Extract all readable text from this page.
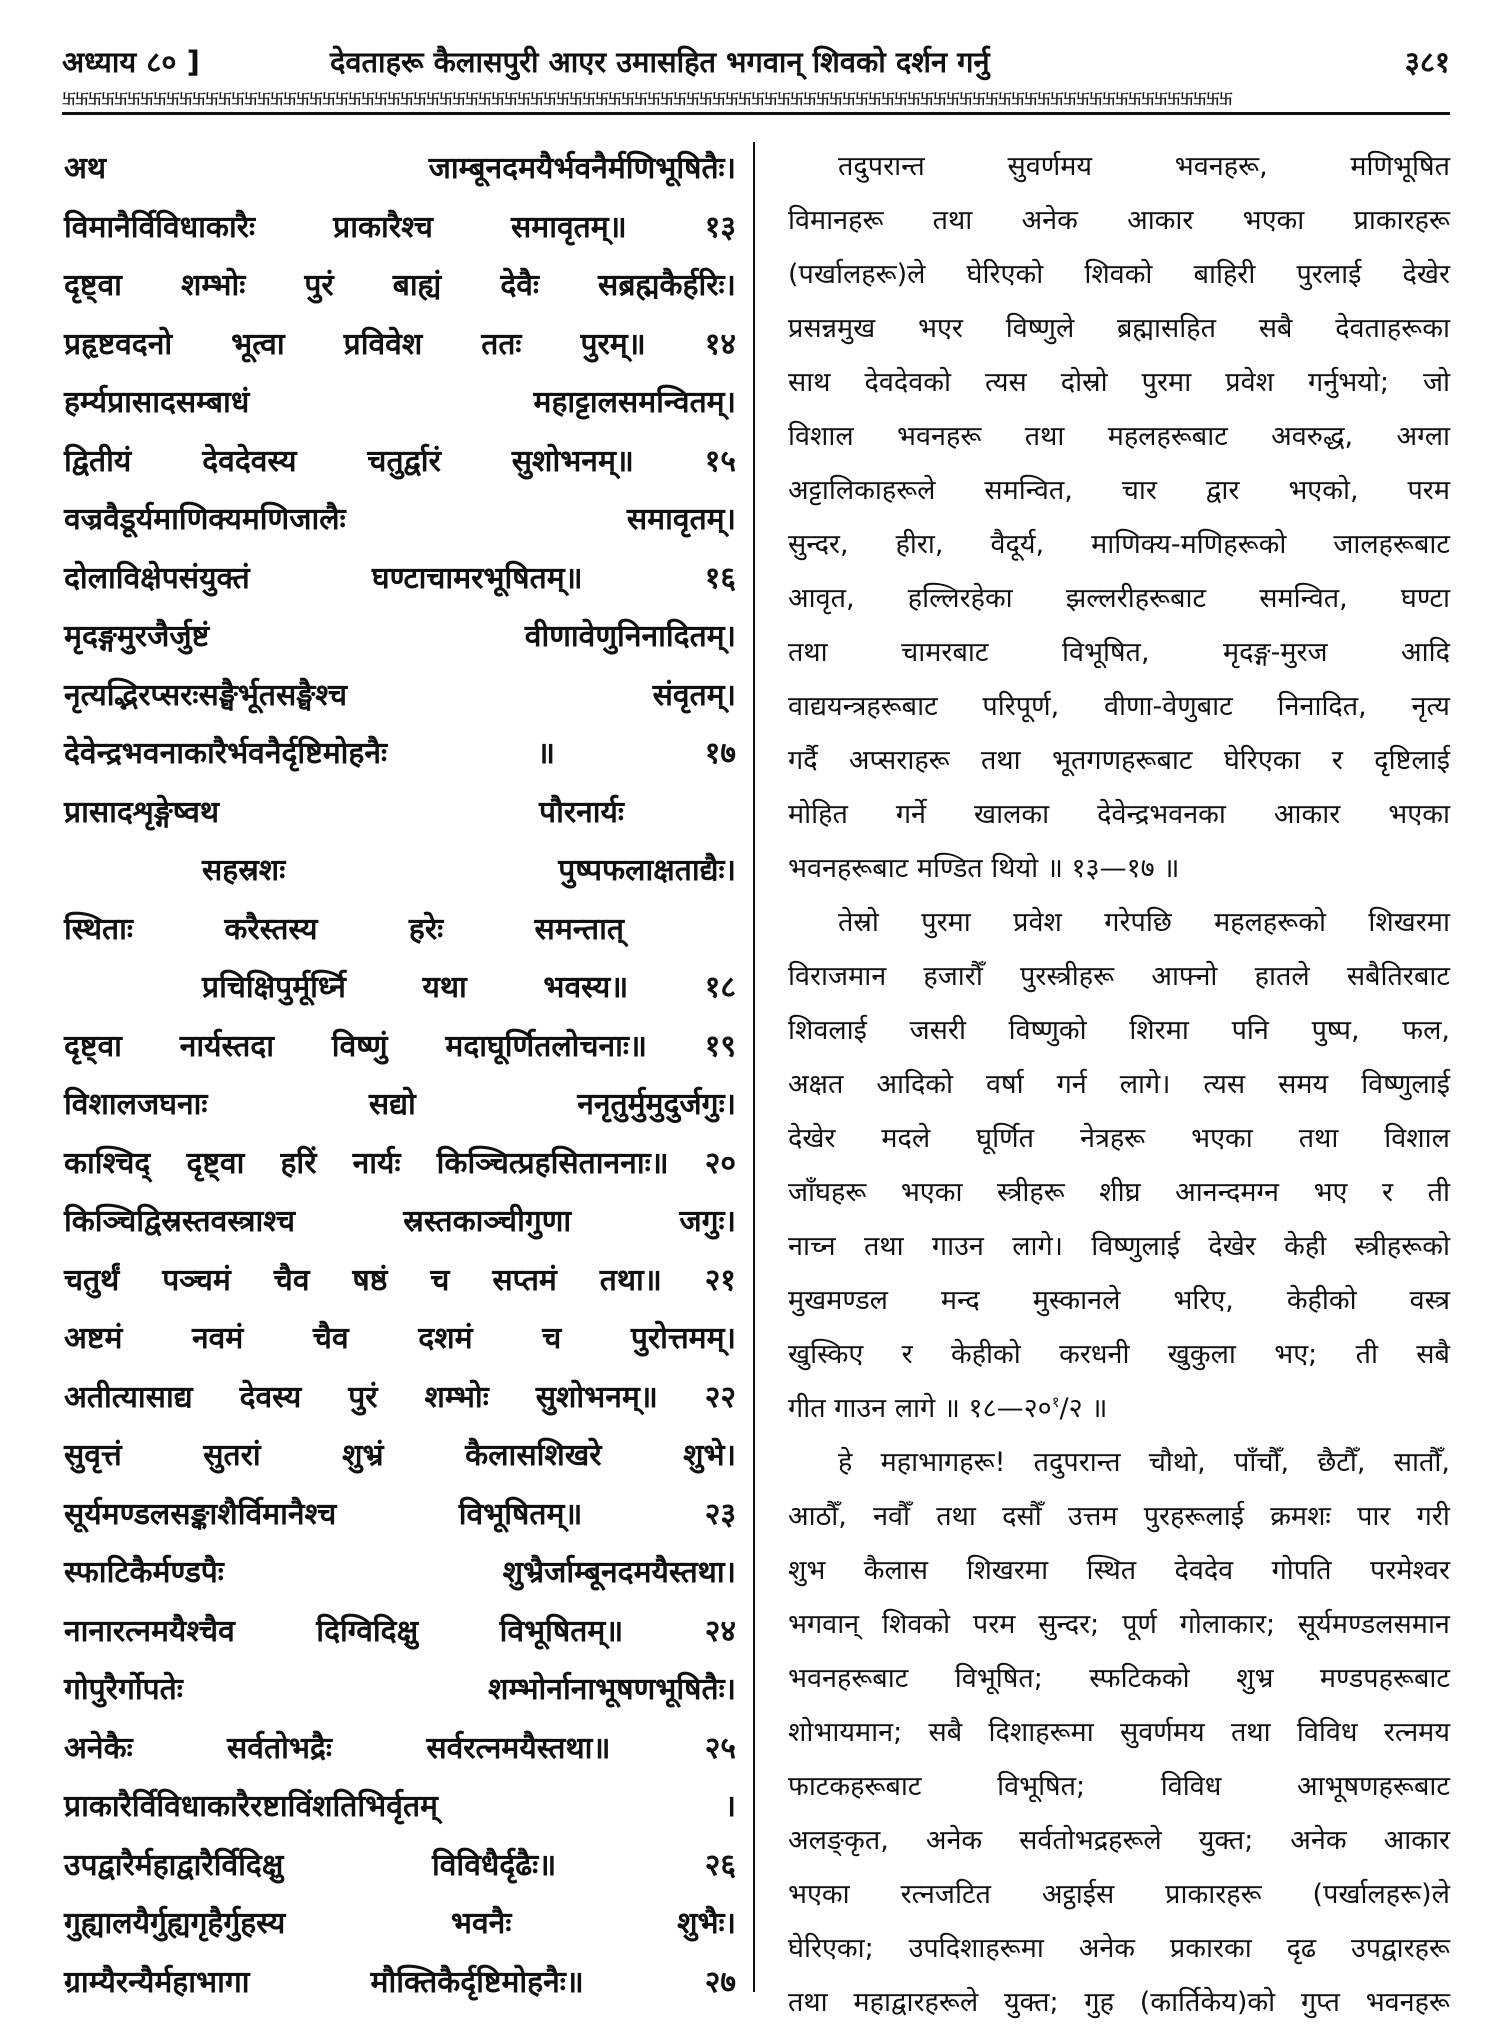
अध्याय ८० ]	देवताहरू कैलासपुरी आएर उमासहित भगवान् शिवको दर्शन गर्नु	३८१
卐卐卐卐卐卐卐卐卐卐卐卐卐卐卐卐卐卐卐卐卐卐卐卐卐卐卐卐卐卐卐卐卐卐卐卐卐卐卐卐卐卐卐卐卐卐卐卐卐卐卐卐卐卐卐卐卐卐卐卐卐卐卐卐卐卐卐卐卐卐卐卐卐卐卐卐卐卐卐卐卐卐卐卐卐卐卐卐卐卐
अथ	जाम्बूनदमयैर्भवनैर्मणिभूषितैः।
विमानैर्विविधाकारैः	प्राकारैश्च	समावृतम्॥	१३
दृष्ट्वा शम्भोः पुरं बाह्यं देवैः सब्रह्मकैर्हरिः।
प्रहृष्टवदनो भूत्वा प्रविवेश ततः पुरम्॥ १४
हर्म्यप्रासादसम्बाधं	महाट्टालसमन्वितम्।
द्वितीयं देवदेवस्य चतुर्द्वारं सुशोभनम्॥ १५
वज्रवैडूर्यमाणिक्यमणिजालैः	समावृतम्।
दोलाविक्षेपसंयुक्तं	घण्टाचामरभूषितम्॥	१६
मृदङ्गमुरजैर्जुष्टं	वीणावेणुनिनादितम्।
नृत्यद्भिरप्सरःसङ्घैर्भूतसङ्घैश्च	संवृतम्।
देवेन्द्रभवनाकारैर्भवनैर्दृष्टिमोहनैः	॥	१७
प्रासादशृङ्गेष्वथ	पौरनार्यः
सहस्रशः	पुष्पफलाक्षताद्यैः।
स्थिताः	करैस्तस्य	हरेः	समन्तात्
प्रचिक्षिपुर्मूर्ध्नि	यथा	भवस्य॥	१८
दृष्ट्वा नार्यस्तदा विष्णुं मदाघूर्णितलोचनाः॥ १९
विशालजघनाः	सद्यो	ननृतुर्मुमुदुर्जगुः।
काश्चिद् दृष्ट्वा हरिं नार्यः किञ्चित्प्रहसिताननाः॥ २०
किञ्चिद्विस्रस्तवस्त्राश्च	स्रस्तकाञ्चीगुणा	जगुः।
चतुर्थं पञ्चमं चैव षष्ठं च सप्तमं तथा॥ २१
अष्टमं नवमं चैव दशमं च पुरोत्तमम्।
अतीत्यासाद्य देवस्य पुरं शम्भोः सुशोभनम्॥ २२
सुवृत्तं	सुतरां	शुभ्रं	कैलासशिखरे	शुभे।
सूर्यमण्डलसङ्काशैर्विमानैश्च	विभूषितम्॥	२३
स्फाटिकैर्मण्डपैः	शुभ्रैर्जाम्बूनदमयैस्तथा।
नानारत्नमयैश्चैव	दिग्विदिक्षु	विभूषितम्॥	२४
गोपुरैर्गोपतेः	शम्भोर्नानाभूषणभूषितैः।
अनेकैः	सर्वतोभद्रैः	सर्वरत्नमयैस्तथा॥	२५
प्राकारैर्विविधाकारैरष्टाविंशतिभिर्वृतम्	।
उपद्वारैर्महाद्वारैर्विदिक्षु	विविधैर्दृढैः॥	२६
गुह्यालयैर्गुह्यगृहैर्गुहस्य	भवनैः	शुभैः।
ग्राम्यैरन्यैर्महाभागा	मौक्तिकैर्दृष्टिमोहनैः॥	२७
तदुपरान्त	सुवर्णमय	भवनहरू,	मणिभूषित
विमानहरू तथा अनेक आकार भएका प्राकारहरू
(पर्खालहरू)ले घेरिएको शिवको बाहिरी पुरलाई देखेर
प्रसन्नमुख भएर विष्णुले ब्रह्मासहित सबै देवताहरूका
साथ देवदेवको त्यस दोस्रो पुरमा प्रवेश गर्नुभयो; जो
विशाल भवनहरू तथा महलहरूबाट अवरुद्ध, अग्ला
अट्टालिकाहरूले समन्वित, चार द्वार भएको, परम
सुन्दर, हीरा, वैदूर्य, माणिक्य-मणिहरूको जालहरूबाट
आवृत, हल्लिरहेका झल्लरीहरूबाट समन्वित, घण्टा
तथा	चामरबाट	विभूषित,	मृदङ्ग-मुरज	आदि
वाद्ययन्त्रहरूबाट परिपूर्ण, वीणा-वेणुबाट निनादित, नृत्य
गर्दै अप्सराहरू तथा भूतगणहरूबाट घेरिएका र दृष्टिलाई
मोहित गर्ने खालका देवेन्द्रभवनका आकार भएका
भवनहरूबाट मण्डित थियो ॥ १३—१७ ॥
तेस्रो पुरमा प्रवेश गरेपछि महलहरूको शिखरमा
विराजमान हजारौँ पुरस्त्रीहरू आफ्नो हातले सबैतिरबाट
शिवलाई जसरी विष्णुको शिरमा पनि पुष्प, फल,
अक्षत आदिको वर्षा गर्न लागे। त्यस समय विष्णुलाई
देखेर मदले घूर्णित नेत्रहरू भएका तथा विशाल
जाँघहरू भएका स्त्रीहरू शीघ्र आनन्दमग्न भए र ती
नाच्न तथा गाउन लागे। विष्णुलाई देखेर केही स्त्रीहरूको
मुखमण्डल मन्द मुस्कानले भरिए, केहीको वस्त्र
खुस्किए र केहीको करधनी खुकुला भए; ती सबै
गीत गाउन लागे ॥ $१८—२०^१/२$ ॥
हे महाभागहरू! तदुपरान्त चौथो, पाँचौँ, छैटौँ, सातौँ,
आठौँ, नवौँ तथा दसौँ उत्तम पुरहरूलाई क्रमशः पार गरी
शुभ कैलास शिखरमा स्थित देवदेव गोपति परमेश्वर
भगवान् शिवको परम सुन्दर; पूर्ण गोलाकार; सूर्यमण्डलसमान
भवनहरूबाट विभूषित; स्फटिकको शुभ्र मण्डपहरूबाट
शोभायमान; सबै दिशाहरूमा सुवर्णमय तथा विविध रत्नमय
फाटकहरूबाट	विभूषित;	विविध	आभूषणहरूबाट
अलङ्कृत, अनेक सर्वतोभद्रहरूले युक्त; अनेक आकार
भएका रत्नजटित अट्ठाईस प्राकारहरू (पर्खालहरू)ले
घेरिएका; उपदिशाहरूमा अनेक प्रकारका दृढ उपद्वारहरू
तथा महाद्वारहरूले युक्त; गुह (कार्तिकेय)को गुप्त भवनहरू
